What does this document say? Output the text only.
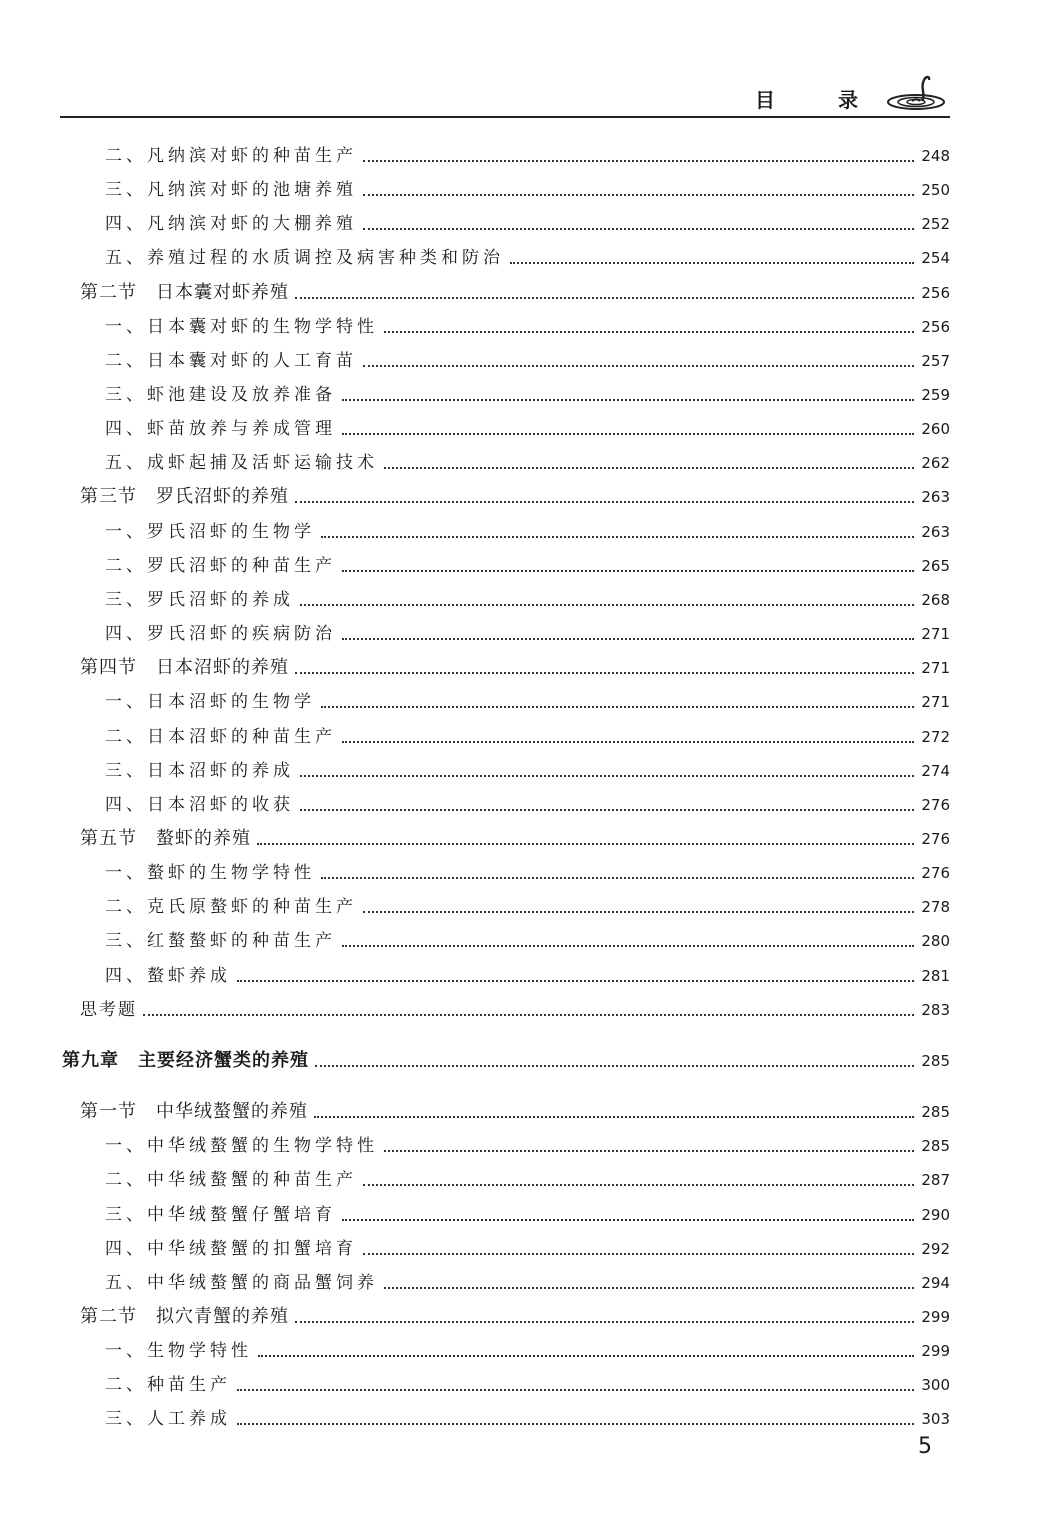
目 录
二、凡纳滨对虾的种苗生产	248
三、凡纳滨对虾的池塘养殖	250
四、凡纳滨对虾的大棚养殖	252
五、养殖过程的水质调控及病害种类和防治	254
第二节　日本囊对虾养殖	256
一、日本囊对虾的生物学特性	256
二、日本囊对虾的人工育苗	257
三、虾池建设及放养准备	259
四、虾苗放养与养成管理	260
五、成虾起捕及活虾运输技术	262
第三节　罗氏沼虾的养殖	263
一、罗氏沼虾的生物学	263
二、罗氏沼虾的种苗生产	265
三、罗氏沼虾的养成	268
四、罗氏沼虾的疾病防治	271
第四节　日本沼虾的养殖	271
一、日本沼虾的生物学	271
二、日本沼虾的种苗生产	272
三、日本沼虾的养成	274
四、日本沼虾的收获	276
第五节　螯虾的养殖	276
一、螯虾的生物学特性	276
二、克氏原螯虾的种苗生产	278
三、红螯螯虾的种苗生产	280
四、螯虾养成	281
思考题	283
第九章　主要经济蟹类的养殖	285
第一节　中华绒螯蟹的养殖	285
一、中华绒螯蟹的生物学特性	285
二、中华绒螯蟹的种苗生产	287
三、中华绒螯蟹仔蟹培育	290
四、中华绒螯蟹的扣蟹培育	292
五、中华绒螯蟹的商品蟹饲养	294
第二节　拟穴青蟹的养殖	299
一、生物学特性	299
二、种苗生产	300
三、人工养成	303
5
